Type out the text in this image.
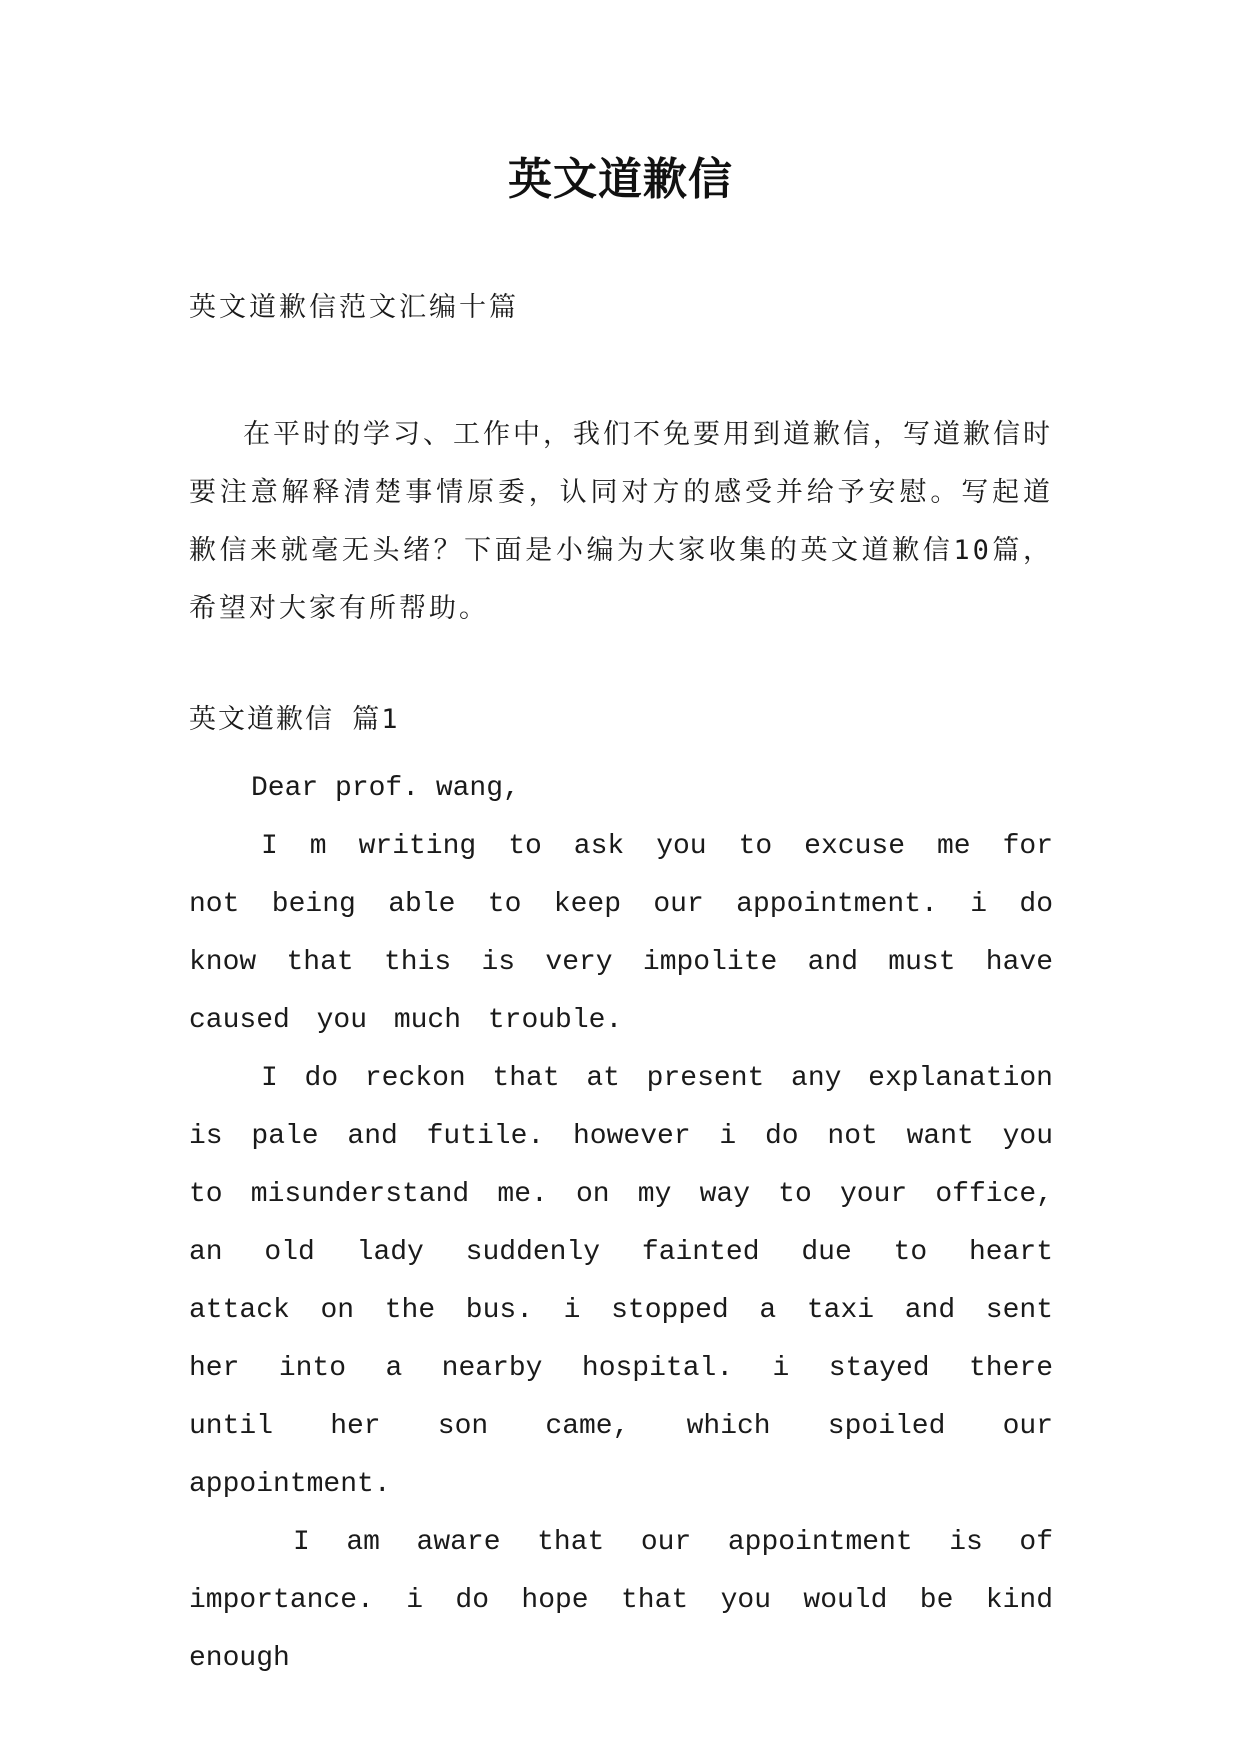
英文道歉信
英文道歉信范文汇编十篇

在平时的学习、工作中，我们不免要用到道歉信，写道歉信时要注意解释清楚事情原委，认同对方的感受并给予安慰。写起道歉信来就毫无头绪？下面是小编为大家收集的英文道歉信10篇，希望对大家有所帮助。

英文道歉信 篇1

Dear prof. wang,

I m writing to ask you to excuse me for not being able to keep our appointment. i do know that this is very impolite and must have caused you much trouble.

I do reckon that at present any explanation is pale and futile. however i do not want you to misunderstand me. on my way to your office, an old lady suddenly fainted due to heart attack on the bus. i stopped a taxi and sent her into a nearby hospital. i stayed there until her son came, which spoiled our appointment.

I am aware that our appointment is of importance. i do hope that you would be kind enough
